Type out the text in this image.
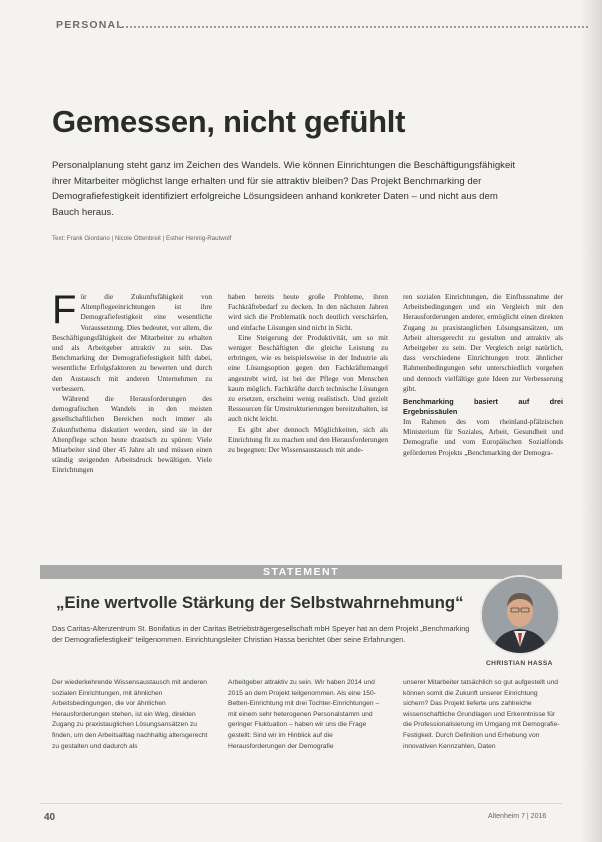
PERSONAL
Gemessen, nicht gefühlt
Personalplanung steht ganz im Zeichen des Wandels. Wie können Einrichtungen die Beschäftigungsfähigkeit ihrer Mitarbeiter möglichst lange erhalten und für sie attraktiv bleiben? Das Projekt Benchmarking der Demografiefestigkeit identifiziert erfolgreiche Lösungsideen anhand konkreter Daten – und nicht aus dem Bauch heraus.
Text: Frank Giordano | Nicole Ottenbreit | Esther Hennig-Rautwolf

Für die Zukunftsfähigkeit von Altenpflegeeinrichtungen ist ihre Demografiefestigkeit eine wesentliche Voraussetzung. Dies bedeutet, vor allem, die Beschäftigungsfähigkeit der Mitarbeiter zu erhalten und als Arbeitgeber attraktiv zu sein. Das Benchmarking der Demografiefestigkeit hilft dabei, wesentliche Erfolgsfaktoren zu bewerten und durch den Austausch mit anderen Unternehmen zu verbessern.

Während die Herausforderungen des demografischen Wandels in den meisten gesellschaftlichen Bereichen noch immer als Zukunftsthema diskutiert werden, sind sie in der Altenpflege schon heute drastisch zu spüren: Viele Mitarbeiter sind über 45 Jahre alt und müssen einen ständig steigenden Arbeitsdruck bewältigen. Viele Einrichtungen

haben bereits heute große Probleme, ihren Fachkräftebedarf zu decken. In den nächsten Jahren wird sich die Problematik noch deutlich verschärfen, und einfache Lösungen sind nicht in Sicht.

Eine Steigerung der Produktivität, um so mit weniger Beschäftigten die gleiche Leistung zu erbringen, wie es beispielsweise in der Industrie als eine Lösungsoption gegen den Fachkräftemangel angestrebt wird, ist bei der Pflege von Menschen kaum möglich. Fachkräfte durch technische Lösungen zu ersetzen, erscheint wenig realistisch. Und gezielt Ressourcen für Umstrukturierungen bereitzuhalten, ist auch nicht leicht.

Es gibt aber dennoch Möglichkeiten, sich als Einrichtung fit zu machen und den Herausforderungen zu begegnen: Der Wissensaustausch mit ande-

ren sozialen Einrichtungen, die Einflussnahme der Arbeitsbedingungen und ein Vergleich mit den Herausforderungen anderer, ermöglicht einen direkten Zugang zu praxistauglichen Lösungsansätzen, um Arbeit altersgerecht zu gestalten und attraktiv als Arbeitgeber zu sein. Der Vergleich zeigt natürlich, dass verschiedene Einrichtungen trotz ähnlicher Rahmenbedingungen sehr unterschiedlich vorgehen und dennoch vielfältige gute Ideen zur Verbesserung gibt.

Benchmarking basiert auf drei Ergebnissäulen

Im Rahmen des vom rheinland-pfälzischen Ministerium für Soziales, Arbeit, Gesundheit und Demografie und vom Europäischen Sozialfonds geförderten Projekts „Benchmarking der Demogra-

STATEMENT
„Eine wertvolle Stärkung der Selbstwahrnehmung“
Das Caritas-Altenzentrum St. Bonifatius in der Caritas Betriebsträgergesellschaft mbH Speyer hat an dem Projekt „Benchmarking der Demografiefestigkeit“ teilgenommen. Einrichtungsleiter Christian Hassa berichtet über seine Erfahrungen.
CHRISTIAN HASSA
Der wiederkehrende Wissensaustausch mit anderen sozialen Einrichtungen, mit ähnlichen Arbeitsbedingungen, die vor ähnlichen Herausforderungen stehen, ist ein Weg, direkten Zugang zu praxistauglichen Lösungsansätzen zu finden, um den Arbeitsalltag nachhaltig altersgerecht zu gestalten und dadurch als
Arbeitgeber attraktiv zu sein. Wir haben 2014 und 2015 an dem Projekt teilgenommen. Als eine 150-Betten-Einrichtung mit drei Tochter-Einrichtungen – mit einem sehr heterogenen Personalstamm und geringer Fluktuation – haben wir uns die Frage gestellt: Sind wir im Hinblick auf die Herausforderungen der Demografie
unserer Mitarbeiter tatsächlich so gut aufgestellt und können somit die Zukunft unserer Einrichtung sichern? Das Projekt lieferte uns zahlreiche wissenschaftliche Grundlagen und Erkenntnisse für die Professionalisierung im Umgang mit Demografie-Festigkeit. Durch Definition und Erhebung von innovativen Kennzahlen, Daten
40	Altenheim 7 | 2016
